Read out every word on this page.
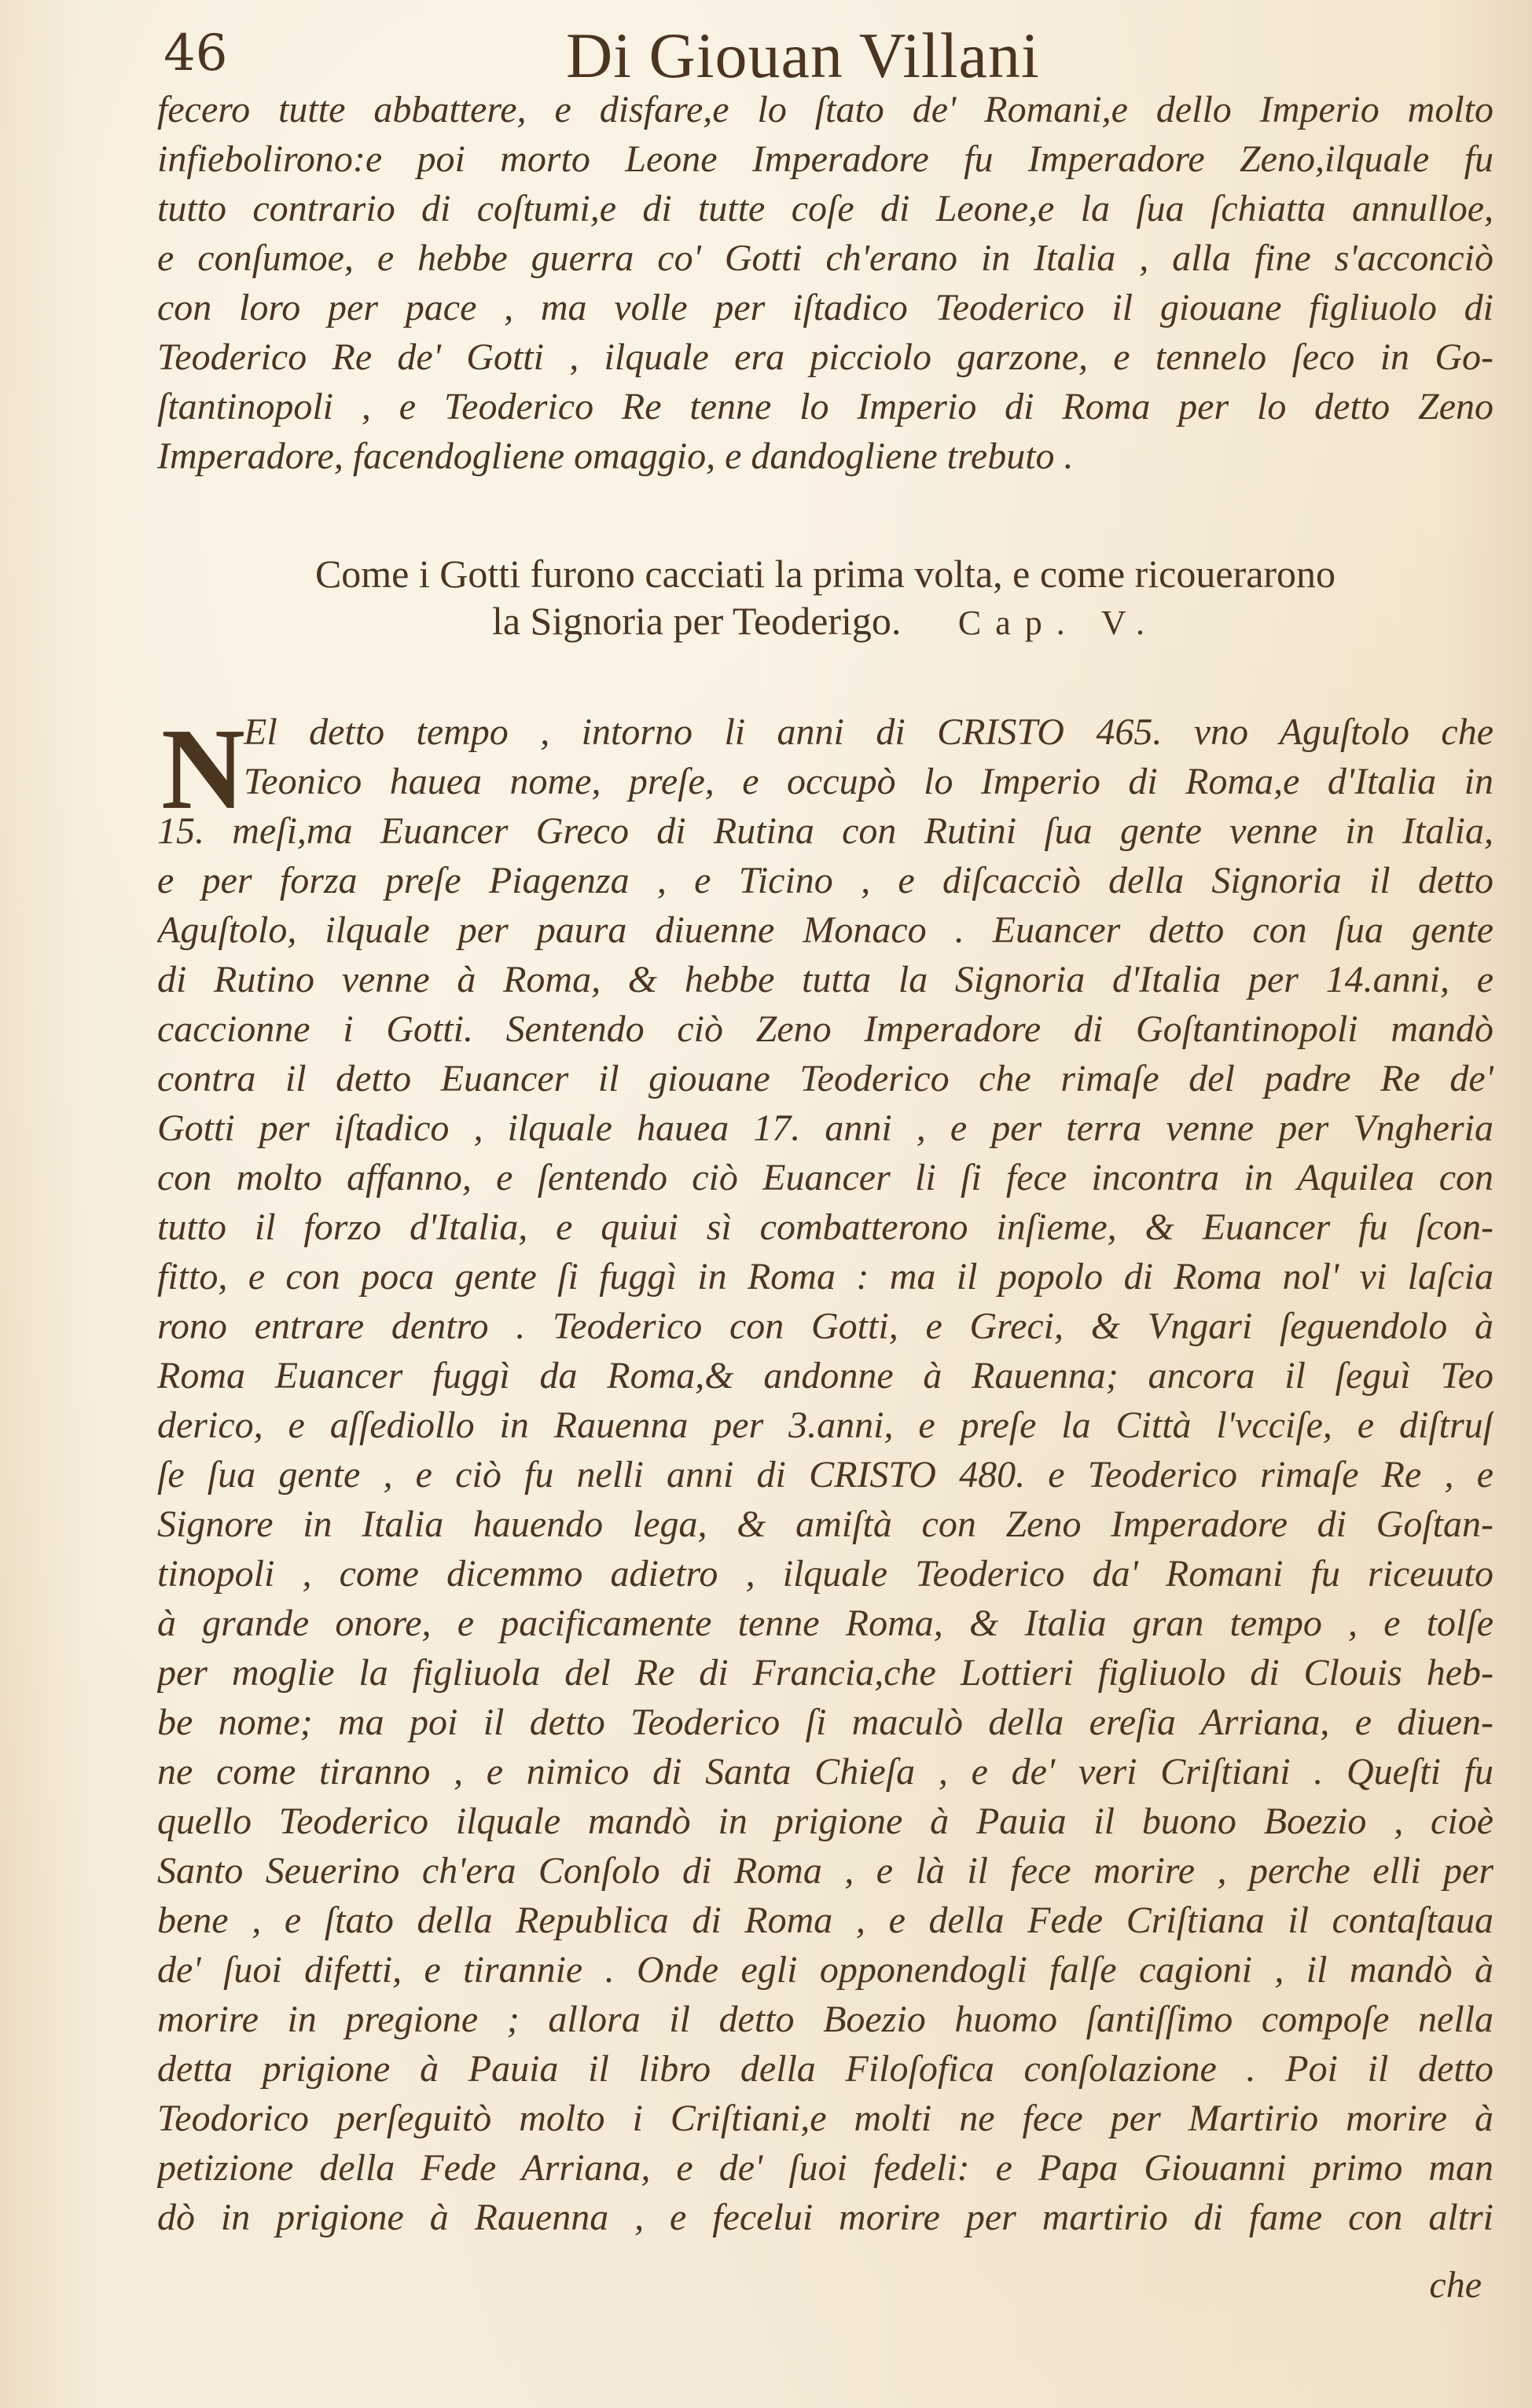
46	Di Giouan Villani
fecero tutte abbattere, e disfare,e lo ſtato de' Romani,e dello Imperio molto
infiebolirono:e poi morto Leone Imperadore fu Imperadore Zeno,ilquale fu
tutto contrario di coſtumi,e di tutte coſe di Leone,e la ſua ſchiatta annulloe,
e conſumoe, e hebbe guerra co' Gotti ch'erano in Italia , alla fine s'acconciò
con loro per pace , ma volle per iſtadico Teoderico il giouane figliuolo di
Teoderico Re de' Gotti , ilquale era picciolo garzone, e tennelo ſeco in Go-
ſtantinopoli , e Teoderico Re tenne lo Imperio di Roma per lo detto Zeno
Imperadore, facendogliene omaggio, e dandogliene trebuto .
Come i Gotti furono cacciati la prima volta, e come ricouerarono
la Signoria per Teoderigo. Cap. V.
N
El detto tempo , intorno li anni di CRISTO 465. vno Aguſtolo che
Teonico hauea nome, preſe, e occupò lo Imperio di Roma,e d'Italia in
15. meſi,ma Euancer Greco di Rutina con Rutini ſua gente venne in Italia,
e per forza preſe Piagenza , e Ticino , e diſcacciò della Signoria il detto
Aguſtolo, ilquale per paura diuenne Monaco . Euancer detto con ſua gente
di Rutino venne à Roma, & hebbe tutta la Signoria d'Italia per 14.anni, e
caccionne i Gotti. Sentendo ciò Zeno Imperadore di Goſtantinopoli mandò
contra il detto Euancer il giouane Teoderico che rimaſe del padre Re de'
Gotti per iſtadico , ilquale hauea 17. anni , e per terra venne per Vngheria
con molto affanno, e ſentendo ciò Euancer li ſi fece incontra in Aquilea con
tutto il forzo d'Italia, e quiui sì combatterono inſieme, & Euancer fu ſcon-
fitto, e con poca gente ſi fuggì in Roma : ma il popolo di Roma nol' vi laſcia
rono entrare dentro . Teoderico con Gotti, e Greci, & Vngari ſeguendolo à
Roma Euancer fuggì da Roma,& andonne à Rauenna; ancora il ſeguì Teo
derico, e aſſediollo in Rauenna per 3.anni, e preſe la Città l'vcciſe, e diſtruſ
ſe ſua gente , e ciò fu nelli anni di CRISTO 480. e Teoderico rimaſe Re , e
Signore in Italia hauendo lega, & amiſtà con Zeno Imperadore di Goſtan-
tinopoli , come dicemmo adietro , ilquale Teoderico da' Romani fu riceuuto
à grande onore, e pacificamente tenne Roma, & Italia gran tempo , e tolſe
per moglie la figliuola del Re di Francia,che Lottieri figliuolo di Clouis heb-
be nome; ma poi il detto Teoderico ſi maculò della ereſia Arriana, e diuen-
ne come tiranno , e nimico di Santa Chieſa , e de' veri Criſtiani . Queſti fu
quello Teoderico ilquale mandò in prigione à Pauia il buono Boezio , cioè
Santo Seuerino ch'era Conſolo di Roma , e là il fece morire , perche elli per
bene , e ſtato della Republica di Roma , e della Fede Criſtiana il contaſtaua
de' ſuoi difetti, e tirannie . Onde egli opponendogli falſe cagioni , il mandò à
morire in pregione ; allora il detto Boezio huomo ſantiſſimo compoſe nella
detta prigione à Pauia il libro della Filoſofica conſolazione . Poi il detto
Teodorico perſeguitò molto i Criſtiani,e molti ne fece per Martirio morire à
petizione della Fede Arriana, e de' ſuoi fedeli: e Papa Giouanni primo man
dò in prigione à Rauenna , e fecelui morire per martirio di fame con altri
che
